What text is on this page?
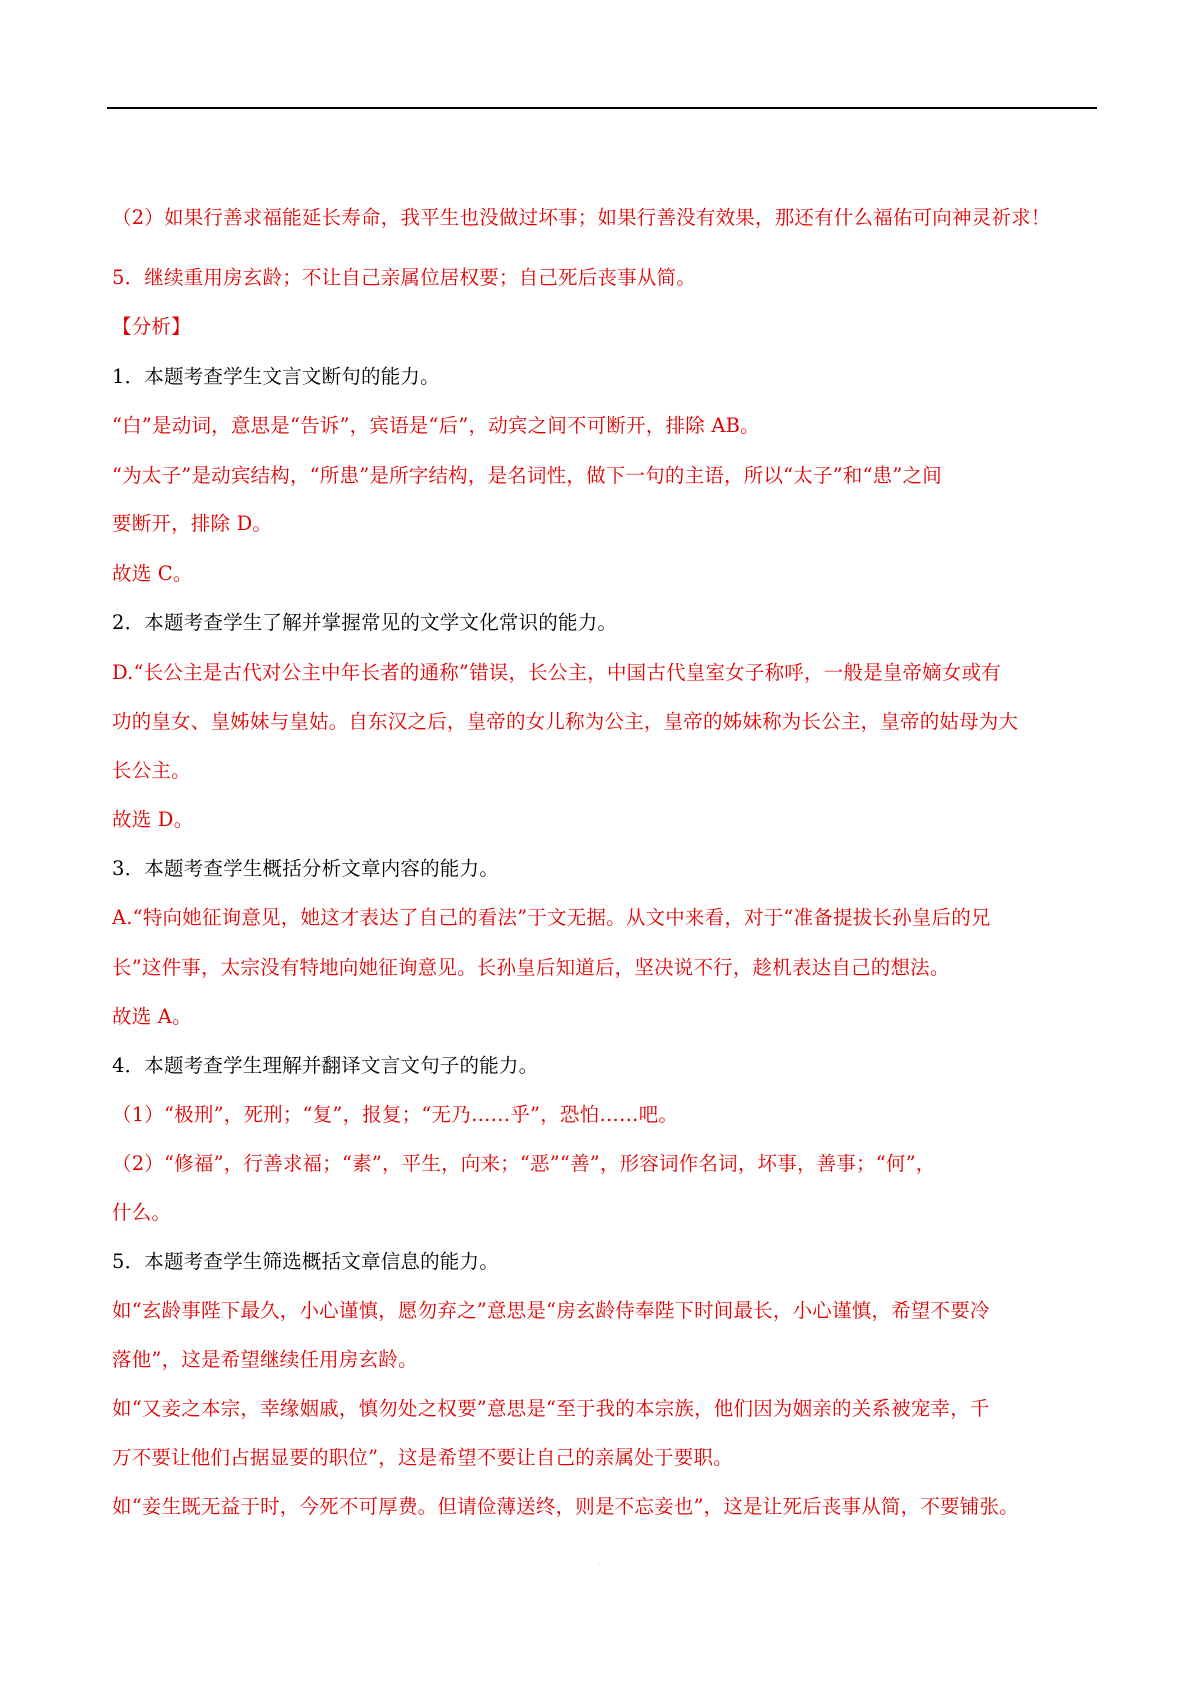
（2）如果行善求福能延长寿命，我平生也没做过坏事；如果行善没有效果，那还有什么福佑可向神灵祈求！
5．继续重用房玄龄；不让自己亲属位居权要；自己死后丧事从简。
【分析】
1．本题考查学生文言文断句的能力。
“白”是动词，意思是“告诉”，宾语是“后”，动宾之间不可断开，排除 AB。
“为太子”是动宾结构，“所患”是所字结构，是名词性，做下一句的主语，所以“太子”和“患”之间
要断开，排除 D。
故选 C。
2．本题考查学生了解并掌握常见的文学文化常识的能力。
D.“长公主是古代对公主中年长者的通称”错误，长公主，中国古代皇室女子称呼，一般是皇帝嫡女或有
功的皇女、皇姊妹与皇姑。自东汉之后，皇帝的女儿称为公主，皇帝的姊妹称为长公主，皇帝的姑母为大
长公主。
故选 D。
3．本题考查学生概括分析文章内容的能力。
A.“特向她征询意见，她这才表达了自己的看法”于文无据。从文中来看，对于“准备提拔长孙皇后的兄
长”这件事，太宗没有特地向她征询意见。长孙皇后知道后，坚决说不行，趁机表达自己的想法。
故选 A。
4．本题考查学生理解并翻译文言文句子的能力。
（1）“极刑”，死刑；“复”，报复；“无乃……乎”，恐怕……吧。
（2）“修福”，行善求福；“素”，平生，向来；“恶”“善”，形容词作名词，坏事，善事；“何”，
什么。
5．本题考查学生筛选概括文章信息的能力。
如“玄龄事陛下最久，小心谨慎，愿勿弃之”意思是“房玄龄侍奉陛下时间最长，小心谨慎，希望不要冷
落他”，这是希望继续任用房玄龄。
如“又妾之本宗，幸缘姻戚，慎勿处之权要”意思是“至于我的本宗族，他们因为姻亲的关系被宠幸，千
万不要让他们占据显要的职位”，这是希望不要让自己的亲属处于要职。
如“妾生既无益于时，今死不可厚费。但请俭薄送终，则是不忘妾也”，这是让死后丧事从简，不要铺张。
·
